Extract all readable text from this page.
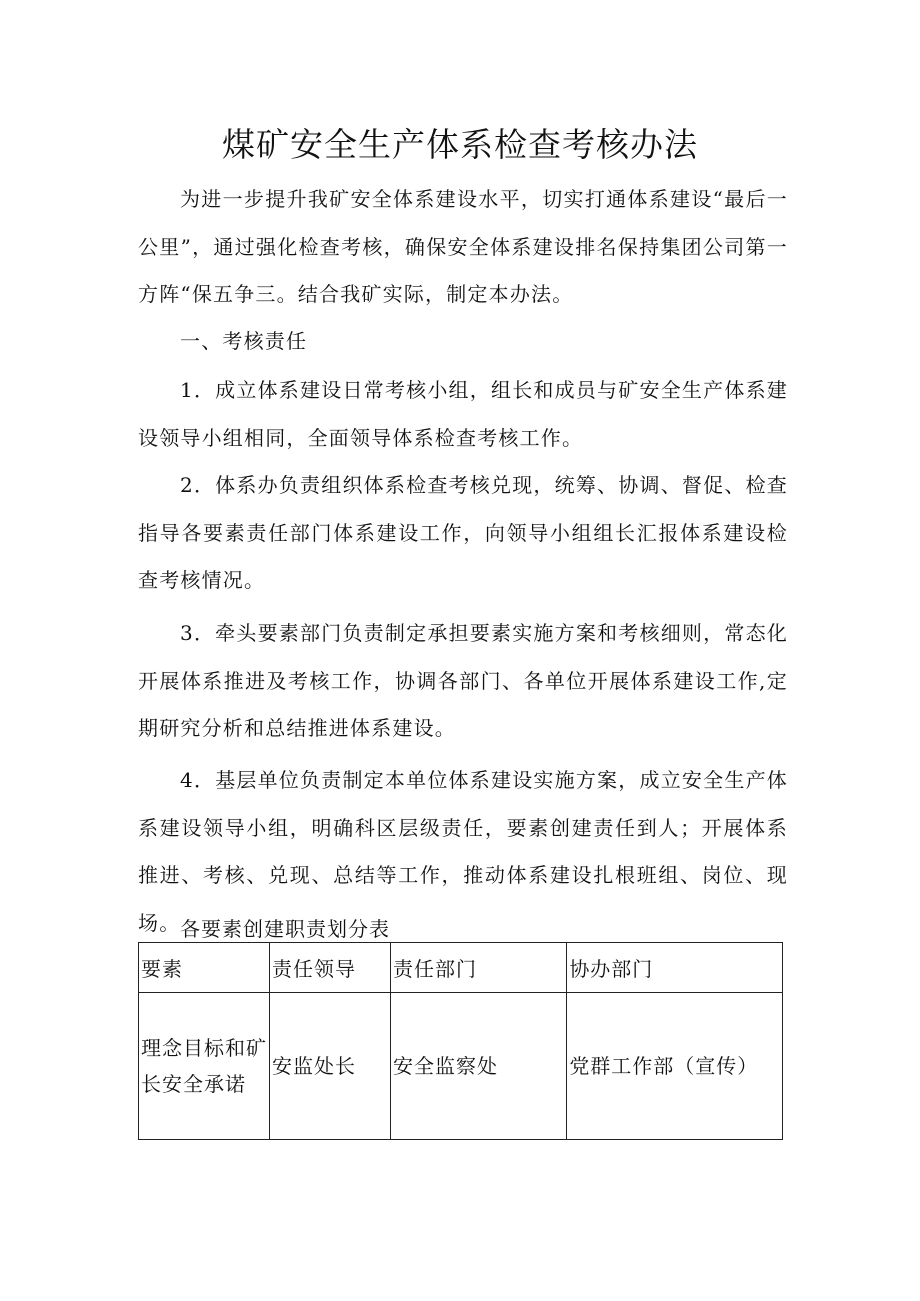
煤矿安全生产体系检查考核办法

为进一步提升我矿安全体系建设水平，切实打通体系建设“最后一公里”，通过强化检查考核，确保安全体系建设排名保持集团公司第一方阵“保五争三。结合我矿实际，制定本办法。

一、考核责任

1．成立体系建设日常考核小组，组长和成员与矿安全生产体系建设领导小组相同，全面领导体系检查考核工作。

2．体系办负责组织体系检查考核兑现，统筹、协调、督促、检查指导各要素责任部门体系建设工作，向领导小组组长汇报体系建设检查考核情况。

3．牵头要素部门负责制定承担要素实施方案和考核细则，常态化开展体系推进及考核工作，协调各部门、各单位开展体系建设工作,定期研究分析和总结推进体系建设。

4．基层单位负责制定本单位体系建设实施方案，成立安全生产体系建设领导小组，明确科区层级责任，要素创建责任到人；开展体系推进、考核、兑现、总结等工作，推动体系建设扎根班组、岗位、现场。 各要素创建职责划分表

要素	责任领导	责任部门	协办部门
理念目标和矿长安全承诺	安监处长	安全监察处	党群工作部（宣传）
